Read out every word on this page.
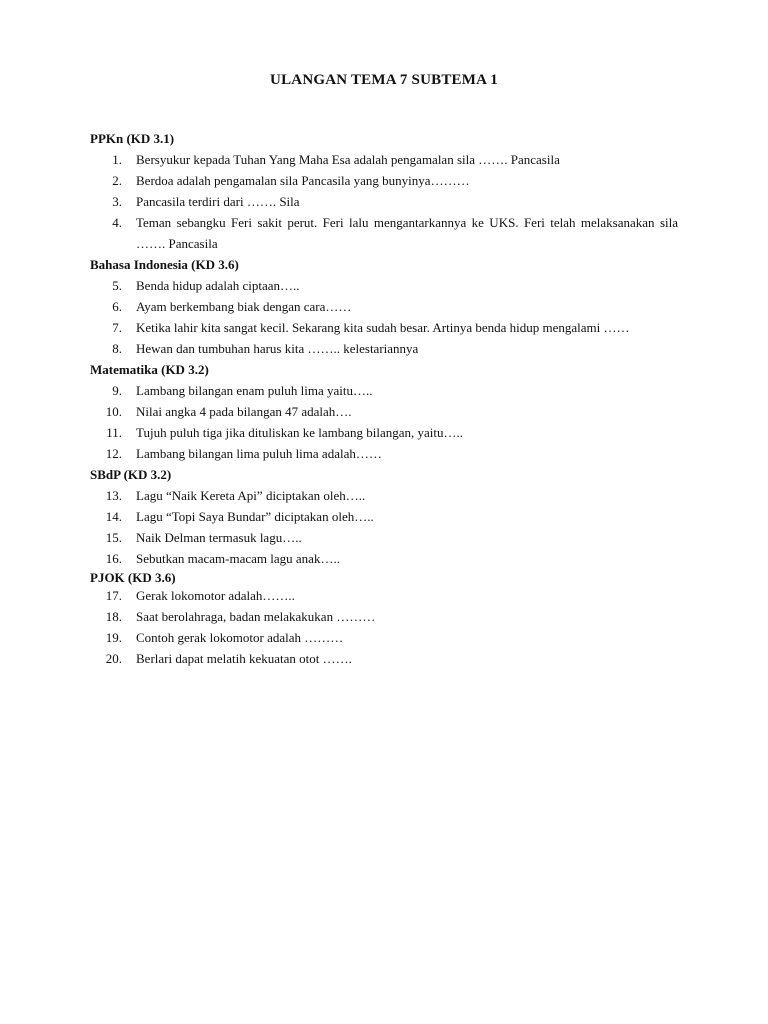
ULANGAN TEMA 7 SUBTEMA 1
PPKn (KD 3.1)
1. Bersyukur kepada Tuhan Yang Maha Esa adalah pengamalan sila ……. Pancasila
2. Berdoa adalah pengamalan sila Pancasila yang bunyinya………
3. Pancasila terdiri dari ……. Sila
4. Teman sebangku Feri sakit perut. Feri lalu mengantarkannya ke UKS. Feri telah melaksanakan sila ……. Pancasila
Bahasa Indonesia (KD 3.6)
5. Benda hidup adalah ciptaan…..
6. Ayam berkembang biak dengan cara……
7. Ketika lahir kita sangat kecil. Sekarang kita sudah besar. Artinya benda hidup mengalami ……
8. Hewan dan tumbuhan harus kita …….. kelestariannya
Matematika (KD 3.2)
9. Lambang bilangan enam puluh lima yaitu…..
10. Nilai angka 4 pada bilangan 47 adalah….
11. Tujuh puluh tiga jika dituliskan ke lambang bilangan, yaitu…..
12. Lambang bilangan lima puluh lima adalah……
SBdP (KD 3.2)
13. Lagu “Naik Kereta Api” diciptakan oleh…..
14. Lagu “Topi Saya Bundar” diciptakan oleh…..
15. Naik Delman termasuk lagu…..
16. Sebutkan macam-macam lagu anak…..
PJOK (KD 3.6)
17. Gerak lokomotor adalah……..
18. Saat berolahraga, badan melakakukan ………
19. Contoh gerak lokomotor adalah ………
20. Berlari dapat melatih kekuatan otot …….
